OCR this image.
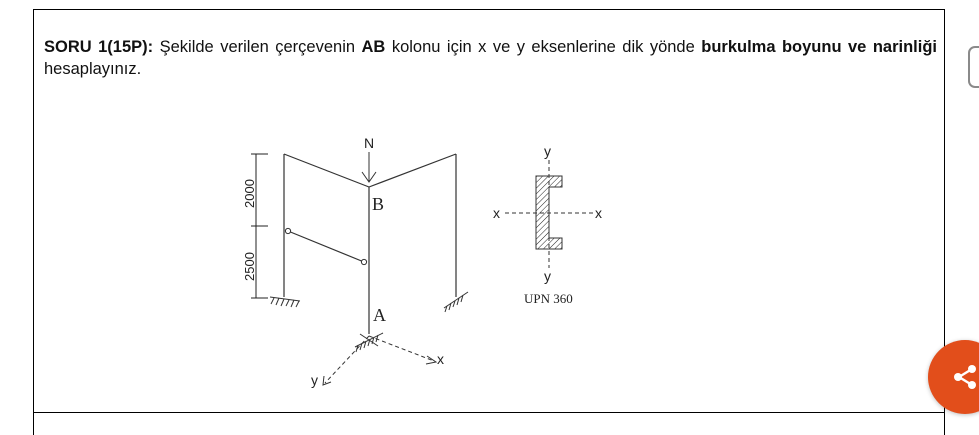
SORU 1(15P): Şekilde verilen çerçevenin AB kolonu için x ve y eksenlerine dik yönde burkulma boyunu ve narinliği hesaplayınız.
2000
2500
x
y
N
B
A
y
y
x	x
UPN 360
